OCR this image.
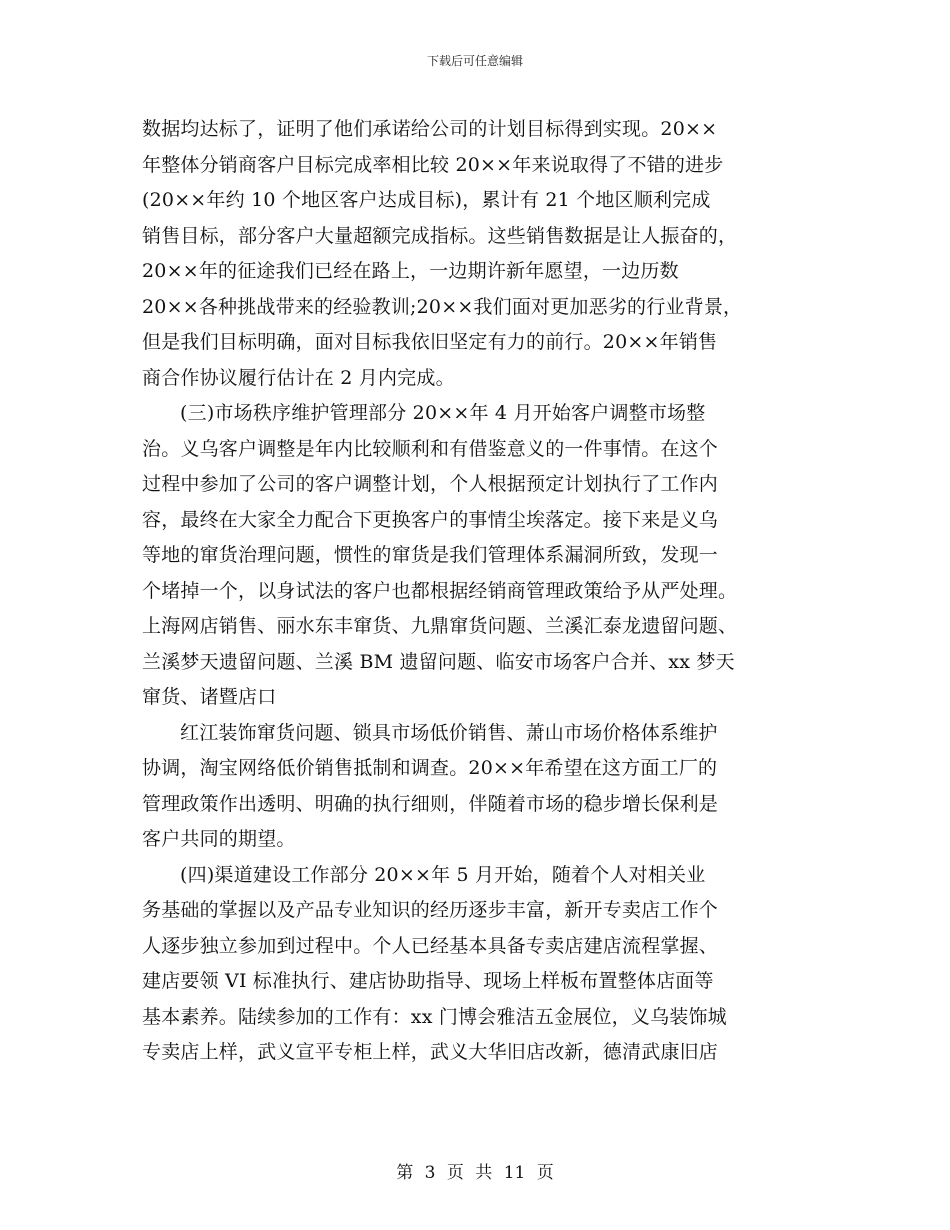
下载后可任意编辑
数据均达标了，证明了他们承诺给公司的计划目标得到实现。20××
年整体分销商客户目标完成率相比较 20××年来说取得了不错的进步
(20××年约 10 个地区客户达成目标)，累计有 21 个地区顺利完成
销售目标，部分客户大量超额完成指标。这些销售数据是让人振奋的，
20××年的征途我们已经在路上，一边期许新年愿望，一边历数
20××各种挑战带来的经验教训;20××我们面对更加恶劣的行业背景，
但是我们目标明确，面对目标我依旧坚定有力的前行。20××年销售
商合作协议履行估计在 2 月内完成。
(三)市场秩序维护管理部分 20××年 4 月开始客户调整市场整
治。义乌客户调整是年内比较顺利和有借鉴意义的一件事情。在这个
过程中参加了公司的客户调整计划，个人根据预定计划执行了工作内
容，最终在大家全力配合下更换客户的事情尘埃落定。接下来是义乌
等地的窜货治理问题，惯性的窜货是我们管理体系漏洞所致，发现一
个堵掉一个，以身试法的客户也都根据经销商管理政策给予从严处理。
上海网店销售、丽水东丰窜货、九鼎窜货问题、兰溪汇泰龙遗留问题、
兰溪梦天遗留问题、兰溪 BM 遗留问题、临安市场客户合并、xx 梦天
窜货、诸暨店口
红江装饰窜货问题、锁具市场低价销售、萧山市场价格体系维护
协调，淘宝网络低价销售抵制和调查。20××年希望在这方面工厂的
管理政策作出透明、明确的执行细则，伴随着市场的稳步增长保利是
客户共同的期望。
(四)渠道建设工作部分 20××年 5 月开始，随着个人对相关业
务基础的掌握以及产品专业知识的经历逐步丰富，新开专卖店工作个
人逐步独立参加到过程中。个人已经基本具备专卖店建店流程掌握、
建店要领 VI 标准执行、建店协助指导、现场上样板布置整体店面等
基本素养。陆续参加的工作有：xx 门博会雅洁五金展位，义乌装饰城
专卖店上样，武义宣平专柜上样，武义大华旧店改新，德清武康旧店
第 3 页 共 11 页
